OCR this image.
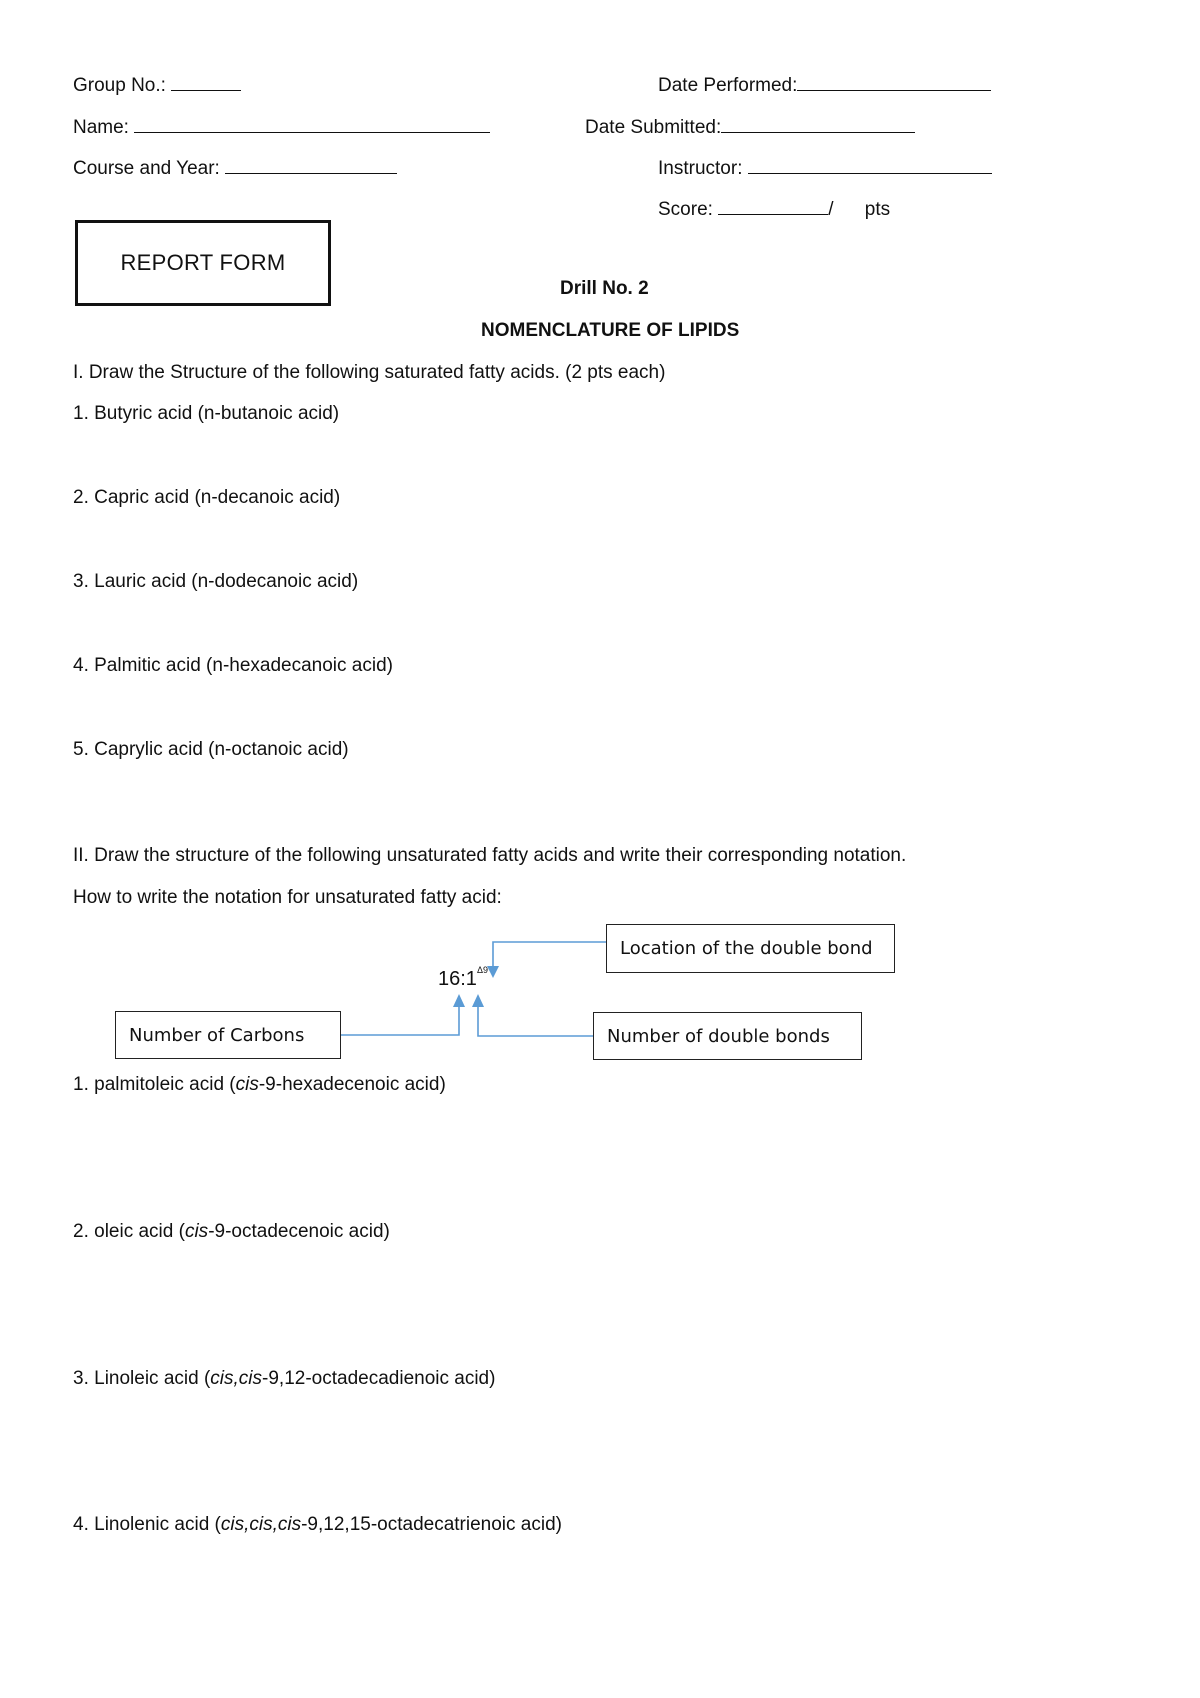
Group No.:
Name:
Course and Year:
Date Performed:
Date Submitted:
Instructor:
Score:	/ pts
REPORT FORM
Drill No. 2
NOMENCLATURE OF LIPIDS
I. Draw the Structure of the following saturated fatty acids. (2 pts each)
1. Butyric acid (n-butanoic acid)
2. Capric acid (n-decanoic acid)
3. Lauric acid (n-dodecanoic acid)
4. Palmitic acid (n-hexadecanoic acid)
5. Caprylic acid (n-octanoic acid)
II. Draw the structure of the following unsaturated fatty acids and write their corresponding notation.
How to write the notation for unsaturated fatty acid:
$16:1^{\Delta 9}$
Location of the double bond
Number of Carbons	Number of double bonds
1. palmitoleic acid (cis-9-hexadecenoic acid)
2. oleic acid (cis-9-octadecenoic acid)
3. Linoleic acid (cis,cis-9,12-octadecadienoic acid)
4. Linolenic acid (cis,cis,cis-9,12,15-octadecatrienoic acid)
